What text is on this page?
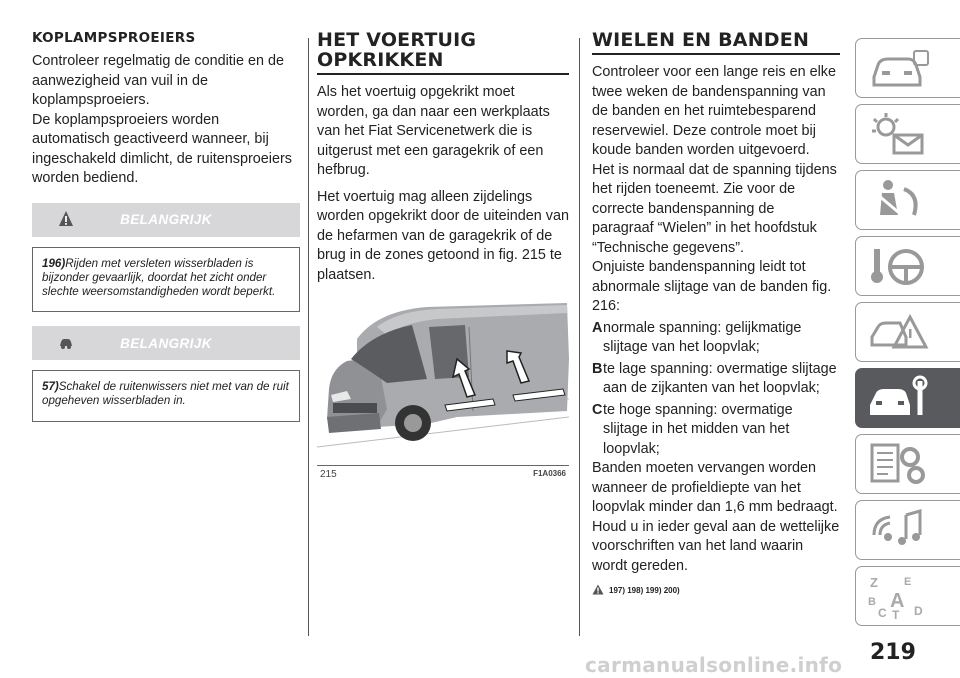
KOPLAMPSPROEIERS
Controleer regelmatig de conditie en de aanwezigheid van vuil in de koplampsproeiers.
De koplampsproeiers worden automatisch geactiveerd wanneer, bij ingeschakeld dimlicht, de ruitensproeiers worden bediend.
BELANGRIJK
196)Rijden met versleten wisserbladen is bijzonder gevaarlijk, doordat het zicht onder slechte weersomstandigheden wordt beperkt.
BELANGRIJK
57)Schakel de ruitenwissers niet met van de ruit opgeheven wisserbladen in.
HET VOERTUIG
OPKRIKKEN
Als het voertuig opgekrikt moet worden, ga dan naar een werkplaats van het Fiat Servicenetwerk die is uitgerust met een garagekrik of een hefbrug.
Het voertuig mag alleen zijdelings worden opgekrikt door de uiteinden van de hefarmen van de garagekrik of de brug in de zones getoond in fig. 215 te plaatsen.
215	F1A0366
WIELEN EN BANDEN
Controleer voor een lange reis en elke twee weken de bandenspanning van de banden en het ruimtebesparend reservewiel. Deze controle moet bij koude banden worden uitgevoerd.
Het is normaal dat de spanning tijdens het rijden toeneemt. Zie voor de correcte bandenspanning de paragraaf “Wielen” in het hoofdstuk “Technische gegevens”.
Onjuiste bandenspanning leidt tot abnormale slijtage van de banden fig. 216:
A normale spanning: gelijkmatige slijtage van het loopvlak;
B te lage spanning: overmatige slijtage aan de zijkanten van het loopvlak;
C te hoge spanning: overmatige slijtage in het midden van het loopvlak;
Banden moeten vervangen worden wanneer de profieldiepte van het loopvlak minder dan 1,6 mm bedraagt. Houd u in ieder geval aan de wettelijke voorschriften van het land waarin wordt gereden.
197) 198) 199) 200)
Z E
B A
C T D
219
carmanualsonline.info
